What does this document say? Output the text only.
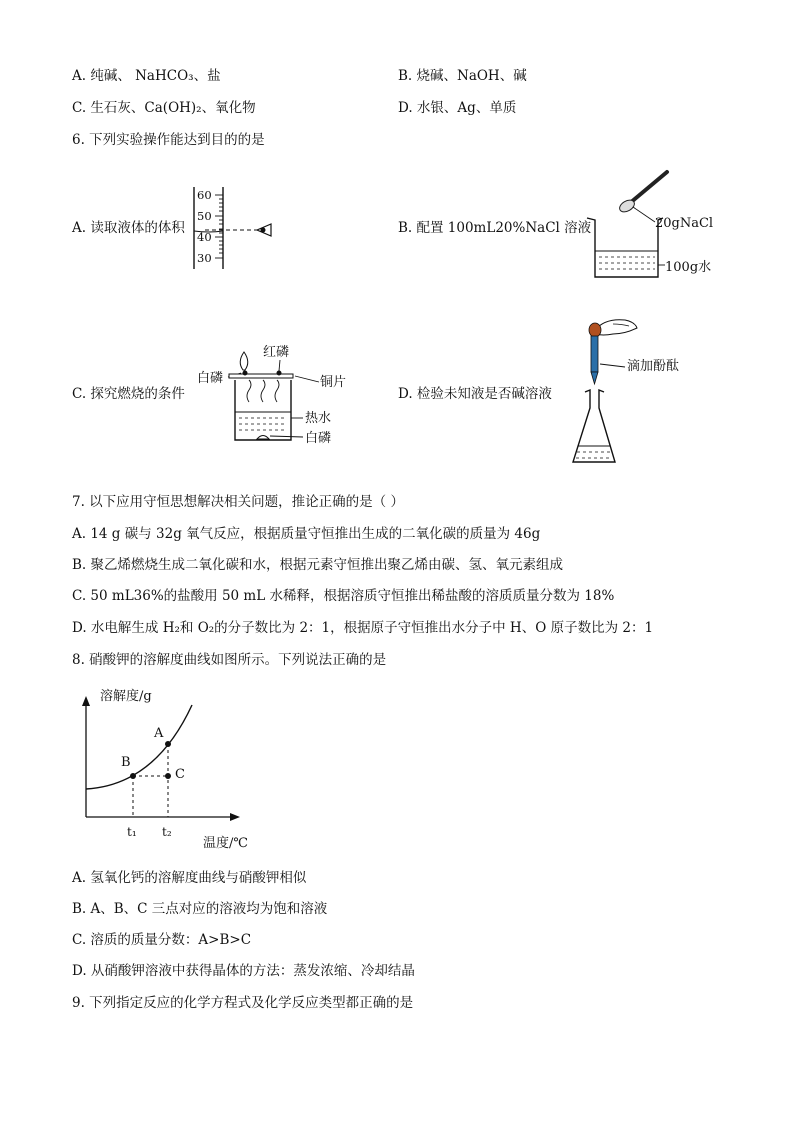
A. 纯碱、 NaHCO₃、盐	B. 烧碱、NaOH、碱
C. 生石灰、Ca(OH)₂、氧化物	D. 水银、Ag、单质
6. 下列实验操作能达到目的的是
A. 读取液体的体积	B. 配置 100mL20%NaCl 溶液
C. 探究燃烧的条件	D. 检验未知液是否碱溶液
60
50
40
30
20gNaCl
100g水
白磷
红磷
铜片
热水
白磷
滴加酚酞
7. 以下应用守恒思想解决相关问题，推论正确的是（ ）
A. 14 g 碳与 32g 氧气反应，根据质量守恒推出生成的二氧化碳的质量为 46g
B. 聚乙烯燃烧生成二氧化碳和水，根据元素守恒推出聚乙烯由碳、氢、氧元素组成
C. 50 mL36%的盐酸用 50 mL 水稀释，根据溶质守恒推出稀盐酸的溶质质量分数为 18%
D. 水电解生成 H₂和 O₂的分子数比为 2：1，根据原子守恒推出水分子中 H、O 原子数比为 2：1
8. 硝酸钾的溶解度曲线如图所示。下列说法正确的是
溶解度/g
温度/℃
A
B
C
t₁ t₂
A. 氢氧化钙的溶解度曲线与硝酸钾相似
B. A、B、C 三点对应的溶液均为饱和溶液
C. 溶质的质量分数：A>B>C
D. 从硝酸钾溶液中获得晶体的方法：蒸发浓缩、冷却结晶
9. 下列指定反应的化学方程式及化学反应类型都正确的是
